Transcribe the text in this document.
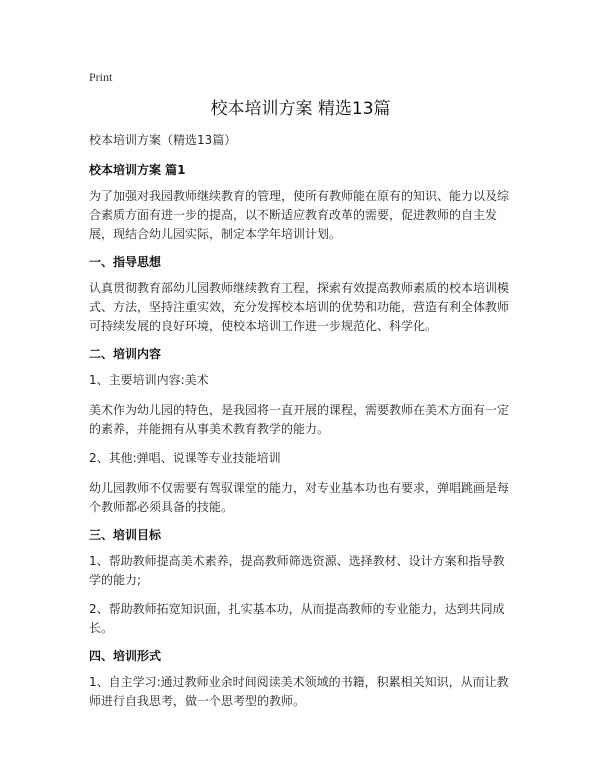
Print
校本培训方案 精选13篇

校本培训方案（精选13篇）

校本培训方案 篇1

为了加强对我园教师继续教育的管理，使所有教师能在原有的知识、能力以及综合素质方面有进一步的提高，以不断适应教育改革的需要，促进教师的自主发展，现结合幼儿园实际，制定本学年培训计划。

一、指导思想

认真贯彻教育部幼儿园教师继续教育工程，探索有效提高教师素质的校本培训模式、方法，坚持注重实效，充分发挥校本培训的优势和功能，营造有利全体教师可持续发展的良好环境，使校本培训工作进一步规范化、科学化。

二、培训内容

1、主要培训内容:美术

美术作为幼儿园的特色，是我园将一直开展的课程，需要教师在美术方面有一定的素养，并能拥有从事美术教育教学的能力。

2、其他:弹唱、说课等专业技能培训

幼儿园教师不仅需要有驾驭课堂的能力，对专业基本功也有要求，弹唱跳画是每个教师都必须具备的技能。

三、培训目标

1、帮助教师提高美术素养，提高教师筛选资源、选择教材、设计方案和指导教学的能力;

2、帮助教师拓宽知识面，扎实基本功，从而提高教师的专业能力，达到共同成长。

四、培训形式

1、自主学习:通过教师业余时间阅读美术领域的书籍，积累相关知识，从而让教师进行自我思考，做一个思考型的教师。
